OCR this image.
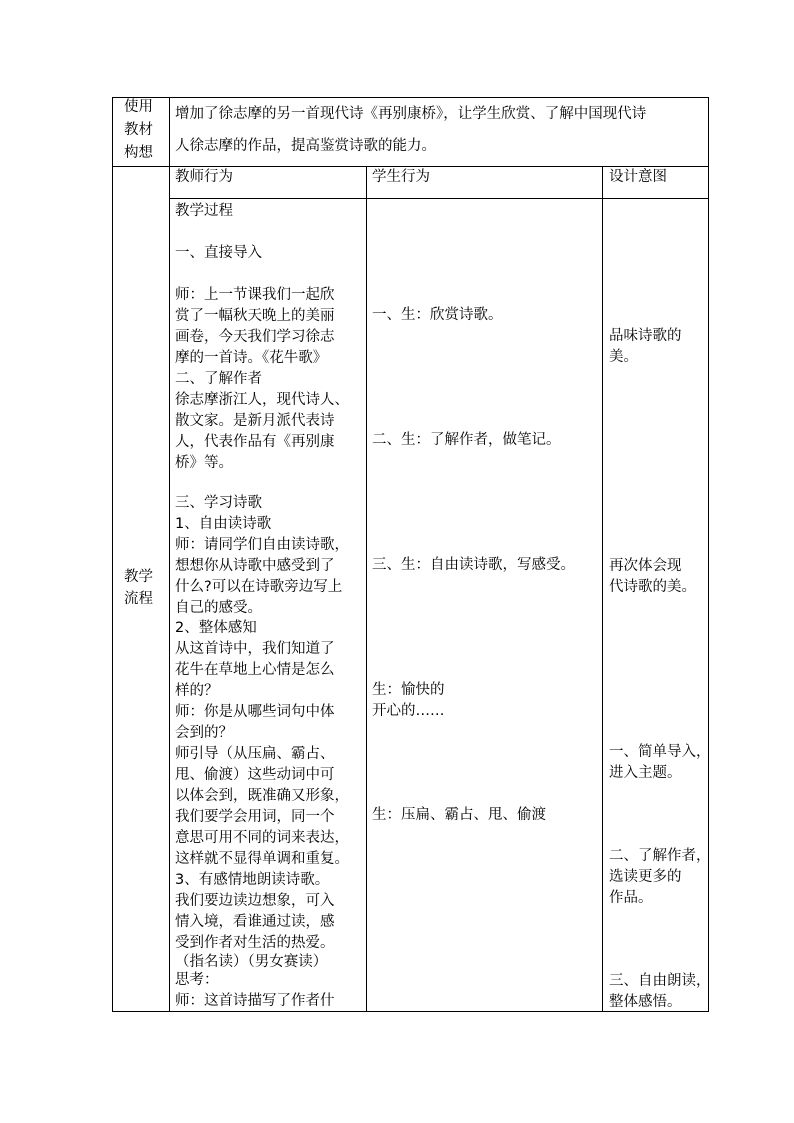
使用
教材
构想
增加了徐志摩的另一首现代诗《再别康桥》，让学生欣赏、了解中国现代诗
人徐志摩的作品，提高鉴赏诗歌的能力。
教师行为	学生行为	设计意图
教学
流程
教学过程
一、直接导入
师：上一节课我们一起欣
赏了一幅秋天晚上的美丽
画卷，今天我们学习徐志
摩的一首诗。《花牛歌》
二、了解作者
徐志摩浙江人，现代诗人、
散文家。是新月派代表诗
人，代表作品有《再别康
桥》等。
三、学习诗歌
1、自由读诗歌
师：请同学们自由读诗歌，
想想你从诗歌中感受到了
什么?可以在诗歌旁边写上
自己的感受。
2、整体感知
从这首诗中，我们知道了
花牛在草地上心情是怎么
样的？
师：你是从哪些词句中体
会到的？
师引导（从压扁、霸占、
甩、偷渡）这些动词中可
以体会到，既准确又形象，
我们要学会用词，同一个
意思可用不同的词来表达，
这样就不显得单调和重复。
3、有感情地朗读诗歌。
我们要边读边想象，可入
情入境，看谁通过读，感
受到作者对生活的热爱。
（指名读）（男女赛读）
思考：
师：这首诗描写了作者什
一、生：欣赏诗歌。
二、生：了解作者，做笔记。
三、生：自由读诗歌，写感受。
生：愉快的
开心的……
生：压扁、霸占、甩、偷渡
品味诗歌的
美。
再次体会现
代诗歌的美。
一、简单导入，
进入主题。
二、了解作者，
选读更多的
作品。
三、自由朗读，
整体感悟。
